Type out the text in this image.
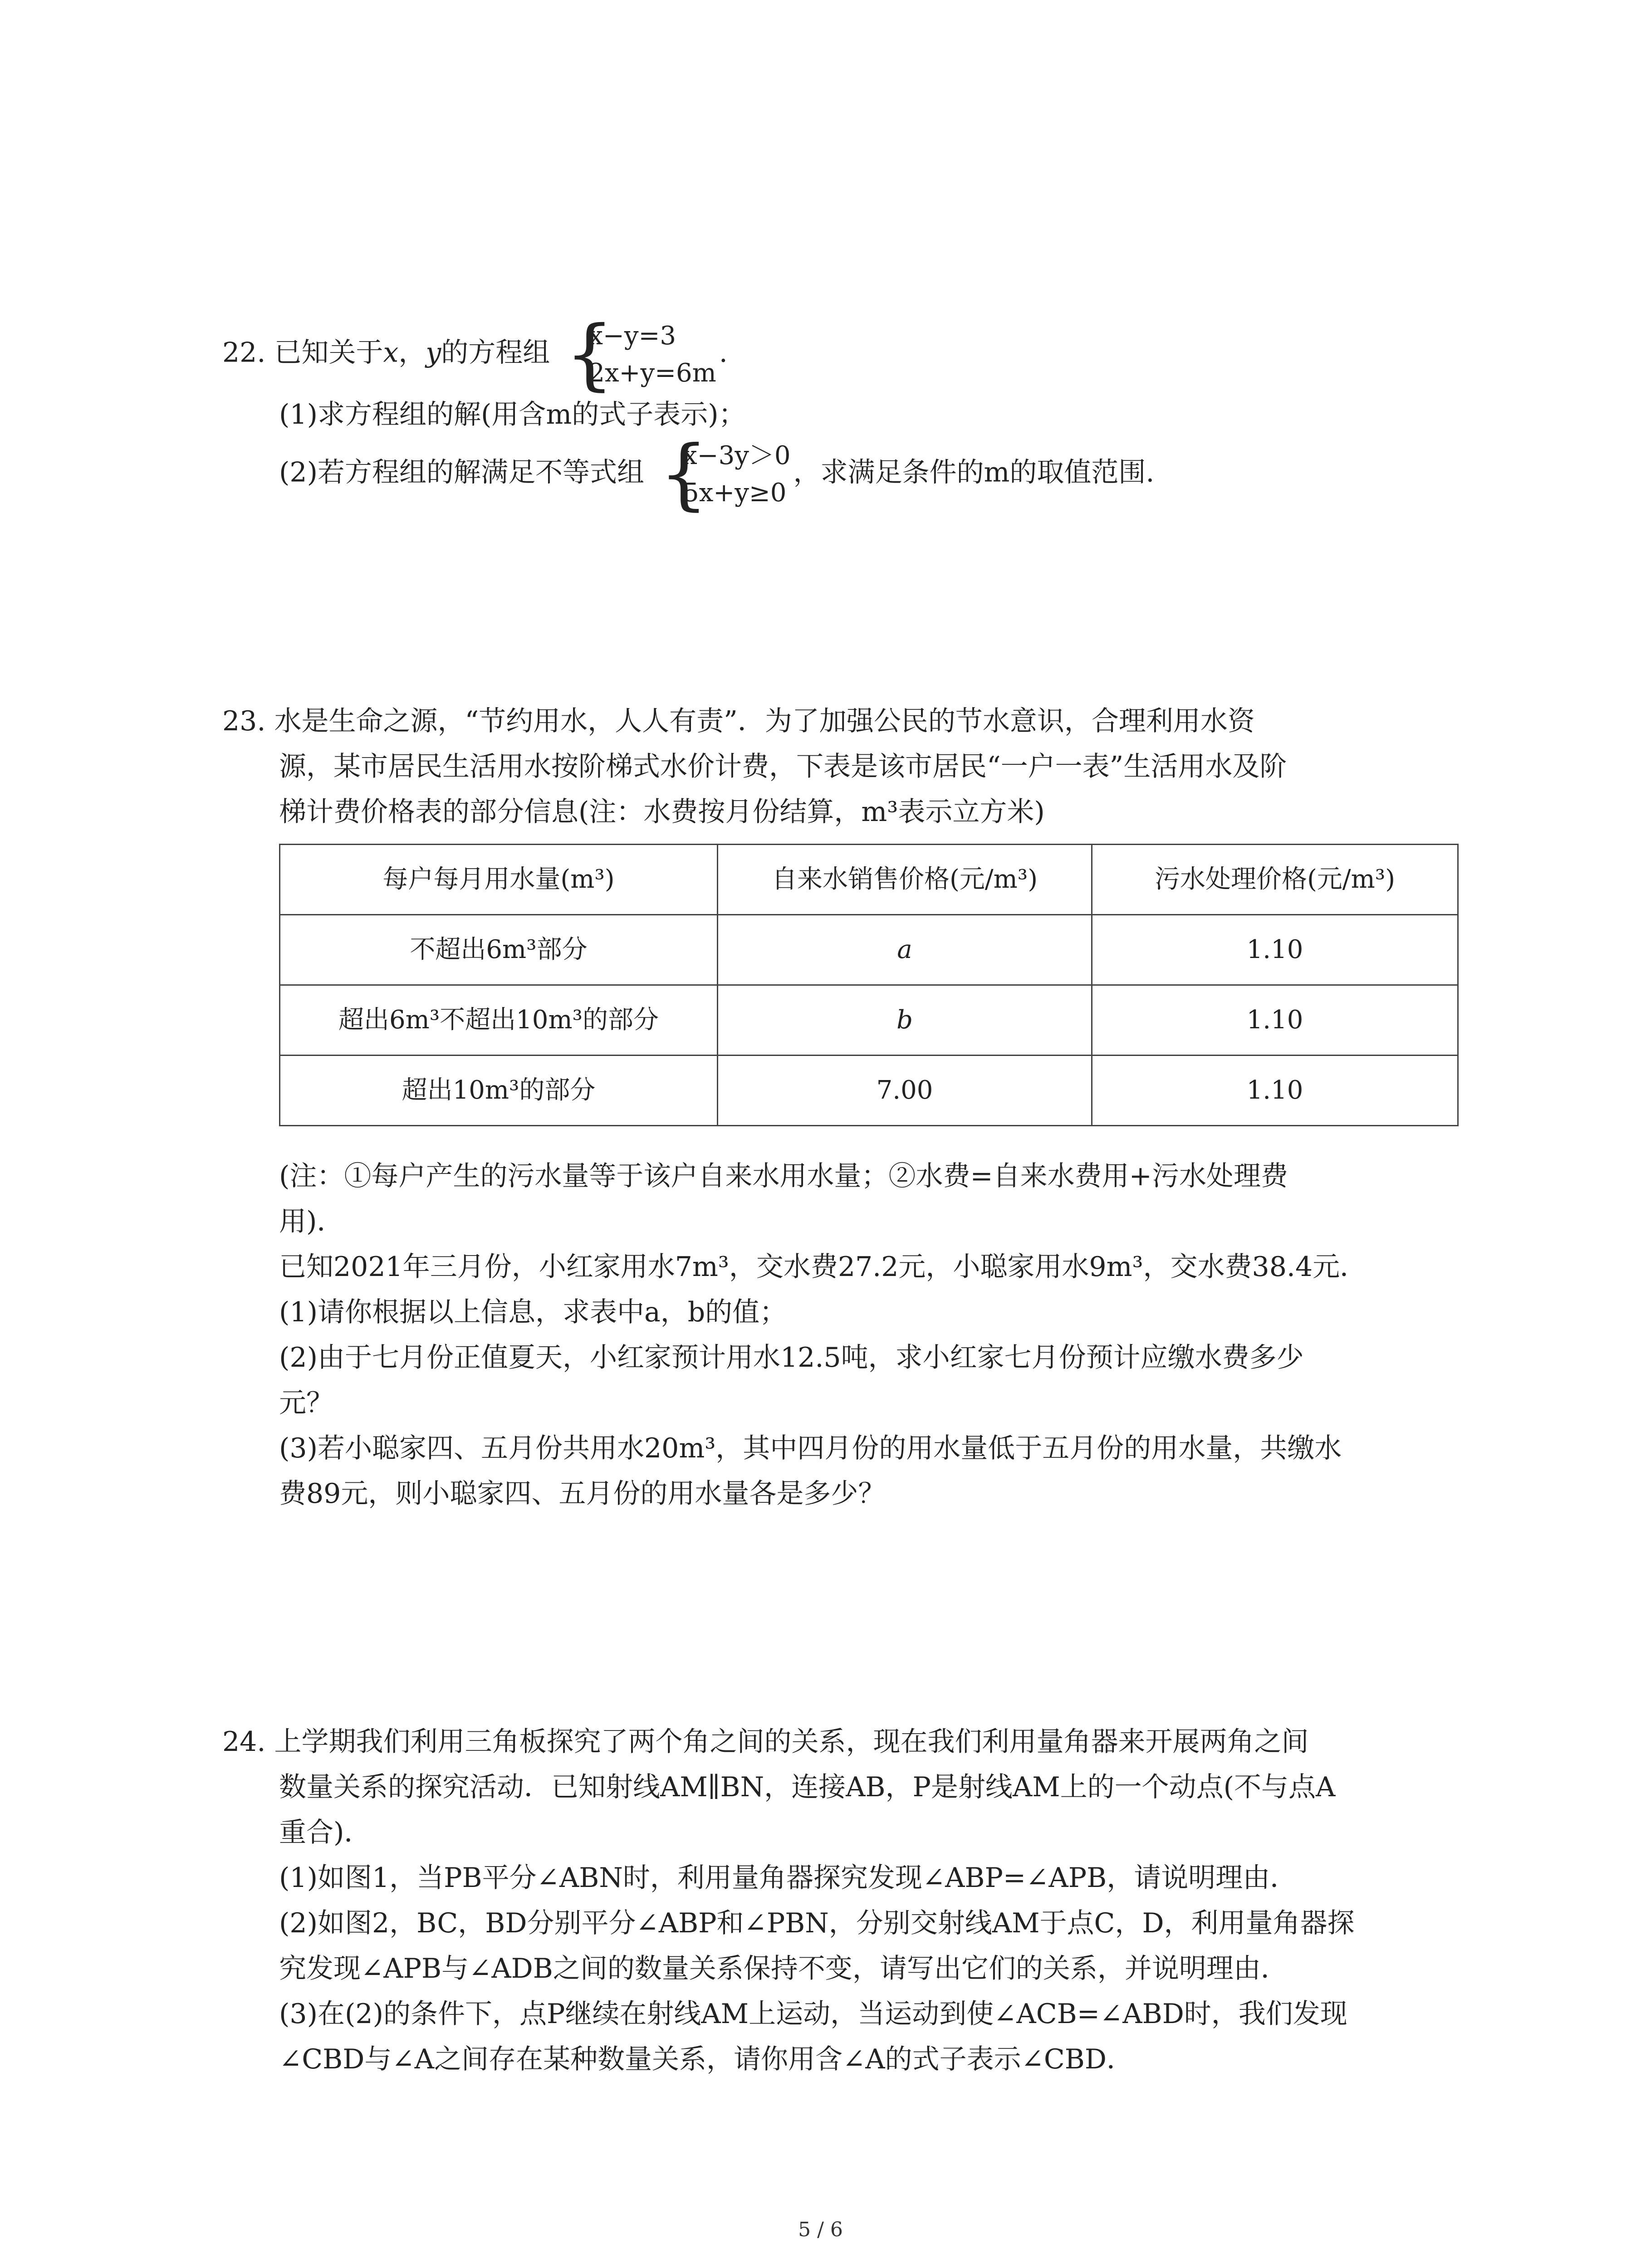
22. 已知关于x，y的方程组 {
x−y=3
2x+y=6m
.
(1)求方程组的解(用含m的式子表示)；
(2)若方程组的解满足不等式组 {
x−3y＞0
5x+y≥0
，求满足条件的m的取值范围.
23. 水是生命之源，“节约用水，人人有责”．为了加强公民的节水意识，合理利用水资
源，某市居民生活用水按阶梯式水价计费，下表是该市居民“一户一表”生活用水及阶
梯计费价格表的部分信息(注：水费按月份结算，m³表示立方米)
每户每月用水量(m³)	自来水销售价格(元/m³)	污水处理价格(元/m³)
不超出6m³部分	a	1.10
超出6m³不超出10m³的部分	b	1.10
超出10m³的部分	7.00	1.10
(注：①每户产生的污水量等于该户自来水用水量；②水费=自来水费用+污水处理费
用)．
已知2021年三月份，小红家用水7m³，交水费27.2元，小聪家用水9m³，交水费38.4元．
(1)请你根据以上信息，求表中a，b的值；
(2)由于七月份正值夏天，小红家预计用水12.5吨，求小红家七月份预计应缴水费多少
元？
(3)若小聪家四、五月份共用水20m³，其中四月份的用水量低于五月份的用水量，共缴水
费89元，则小聪家四、五月份的用水量各是多少？
24. 上学期我们利用三角板探究了两个角之间的关系，现在我们利用量角器来开展两角之间
数量关系的探究活动．已知射线AM∥BN，连接AB，P是射线AM上的一个动点(不与点A
重合)．
(1)如图1，当PB平分∠ABN时，利用量角器探究发现∠ABP=∠APB，请说明理由．
(2)如图2，BC，BD分别平分∠ABP和∠PBN，分别交射线AM于点C，D，利用量角器探
究发现∠APB与∠ADB之间的数量关系保持不变，请写出它们的关系，并说明理由．
(3)在(2)的条件下，点P继续在射线AM上运动，当运动到使∠ACB=∠ABD时，我们发现
∠CBD与∠A之间存在某种数量关系，请你用含∠A的式子表示∠CBD．
5 / 6
